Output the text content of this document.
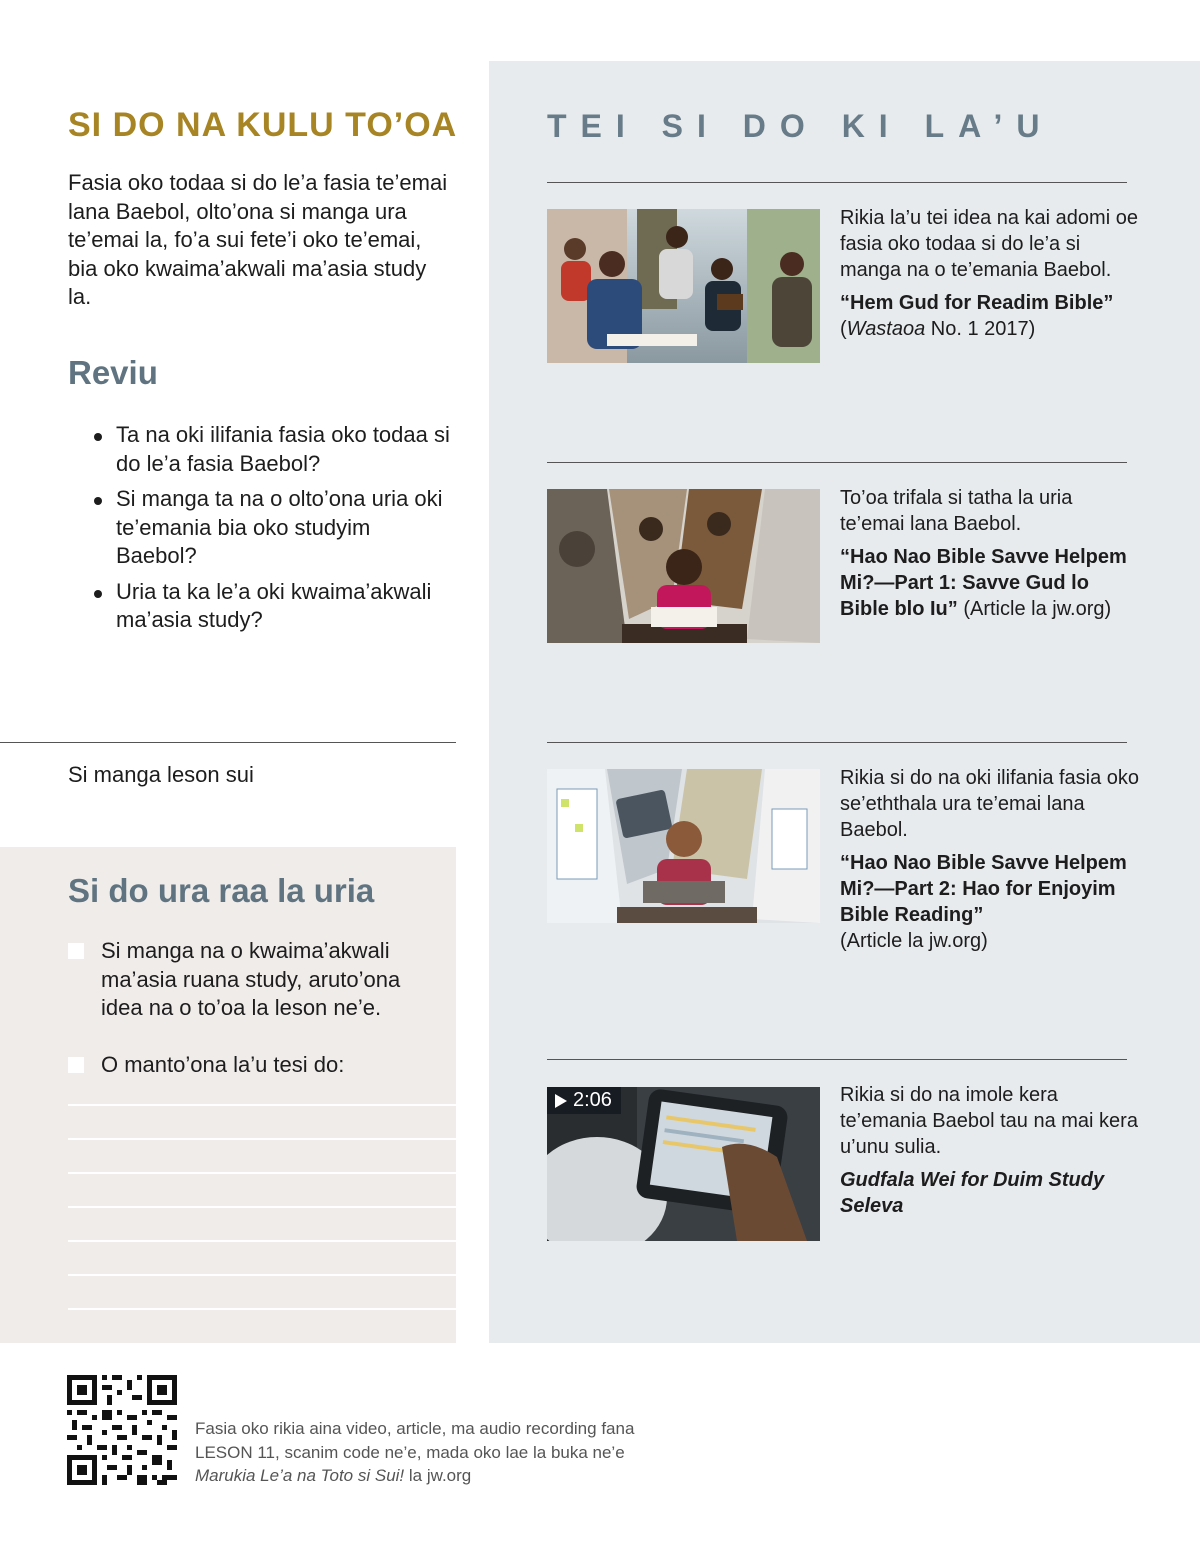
SI DO NA KULU TO’OA

Fasia oko todaa si do le’a fasia te’emai lana Baebol, olto’ona si manga ura te’emai la, fo’a sui fete’i oko te’emai, bia oko kwaima’akwali ma’asia study la.

Reviu
Ta na oki ilifania fasia oko todaa si do le’a fasia Baebol?
Si manga ta na o olto’ona uria oki te’emania bia oko studyim Baebol?
Uria ta ka le’a oki kwaima’akwali ma’asia study?
Si manga leson sui
Si do ura raa la uria
Si manga na o kwaima’akwali ma’asia ruana study, aruto’ona idea na o to’oa la leson ne’e.
O manto’ona la’u tesi do:
TEI SI DO KI LA’U

Rikia la’u tei idea na kai adomi oe fasia oko todaa si do le’a si manga na o te’emania Baebol.

“Hem Gud for Readim Bible”
(Wastaoa No. 1 2017)

To’oa trifala si tatha la uria te’emai lana Baebol.

“Hao Nao Bible Savve Helpem Mi?—Part 1: Savve Gud lo Bible blo Iu” (Article la jw.org)

Rikia si do na oki ilifania fasia oko se’eththala ura te’emai lana Baebol.

“Hao Nao Bible Savve Helpem Mi?—Part 2: Hao for Enjoyim Bible Reading”
(Article la jw.org)

2:06	Rikia si do na imole kera te’emania Baebol tau na mai kera u’unu sulia.

Gudfala Wei for Duim Study Seleva

Fasia oko rikia aina video, article, ma audio recording fana
LESON 11, scanim code ne’e, mada oko lae la buka ne’e
Marukia Le’a na Toto si Sui! la jw.org
